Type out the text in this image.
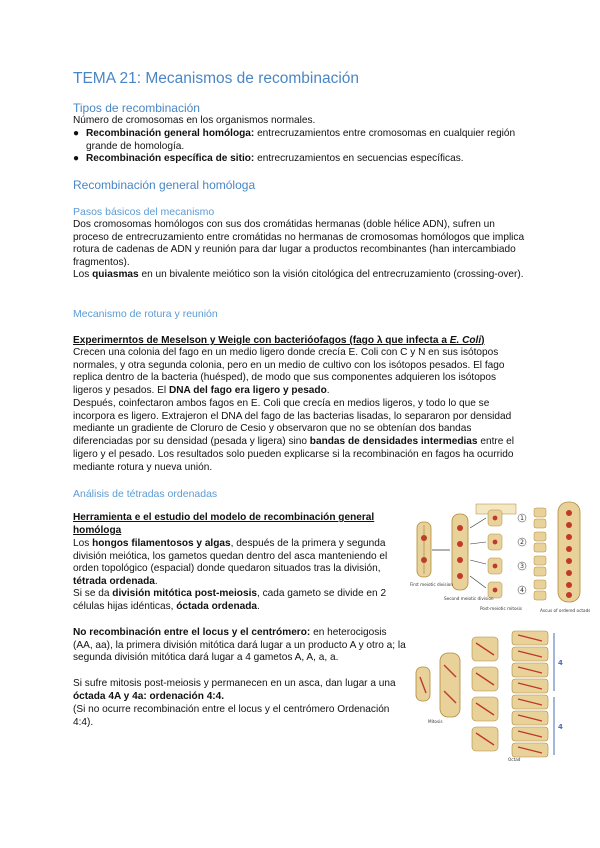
TEMA 21: Mecanismos de recombinación
Tipos de recombinación
Número de cromosomas en los organismos normales.
● Recombinación general homóloga: entrecruzamientos entre cromosomas en cualquier región grande de homología.
● Recombinación específica de sitio: entrecruzamientos en secuencias específicas.
Recombinación general homóloga
Pasos básicos del mecanismo
Dos cromosomas homólogos con sus dos cromátidas hermanas (doble hélice ADN), sufren un proceso de entrecruzamiento entre cromátidas no hermanas de cromosomas homólogos que implica rotura de cadenas de ADN y reunión para dar lugar a productos recombinantes (han intercambiado fragmentos).
Los quiasmas en un bivalente meiótico son la visión citológica del entrecruzamiento (crossing-over).
Mecanismo de rotura y reunión
Experimerntos de Meselson y Weigle con bacterióofagos (fago λ que infecta a E. Coli)
Crecen una colonia del fago en un medio ligero donde crecía E. Coli con C y N en sus isótopos normales, y otra segunda colonia, pero en un medio de cultivo con los isótopos pesados. El fago replica dentro de la bacteria (huésped), de modo que sus componentes adquieren los isótopos ligeros y pesados. El DNA del fago era ligero y pesado.
Después, coinfectaron ambos fagos en E. Coli que crecía en medios ligeros, y todo lo que se incorpora es ligero. Extrajeron el DNA del fago de las bacterias lisadas, lo separaron por densidad mediante un gradiente de Cloruro de Cesio y observaron que no se obtenían dos bandas diferenciadas por su densidad (pesada y ligera) sino bandas de densidades intermedias entre el ligero y el pesado. Los resultados solo pueden explicarse si la recombinación en fagos ha ocurrido mediante rotura y nueva unión.
Análisis de tétradas ordenadas
Herramienta e el estudio del modelo de recombinación general homóloga
Los hongos filamentosos y algas, después de la primera y segunda división meiótica, los gametos quedan dentro del asca manteniendo el orden topológico (espacial) donde quedaron situados tras la división, tétrada ordenada.
Si se da división mitótica post-meiosis, cada gameto se divide en 2 células hijas idénticas, óctada ordenada.
No recombinación entre el locus y el centrómero: en heterocigosis (AA, aa), la primera división mitótica dará lugar a un producto A y otro a; la segunda división mitótica dará lugar a 4 gametos A, A, a, a.
Si sufre mitosis post-meiosis y permanecen en un asca, dan lugar a una óctada 4A y 4a: ordenación 4:4.
(Si no ocurre recombinación entre el locus y el centrómero Ordenación 4:4).
1
2
3
4
First meiotic division
Second meiotic division
Post-meiotic mitosis	Ascus of ordered octads
4
4
Mitosis
Octad
